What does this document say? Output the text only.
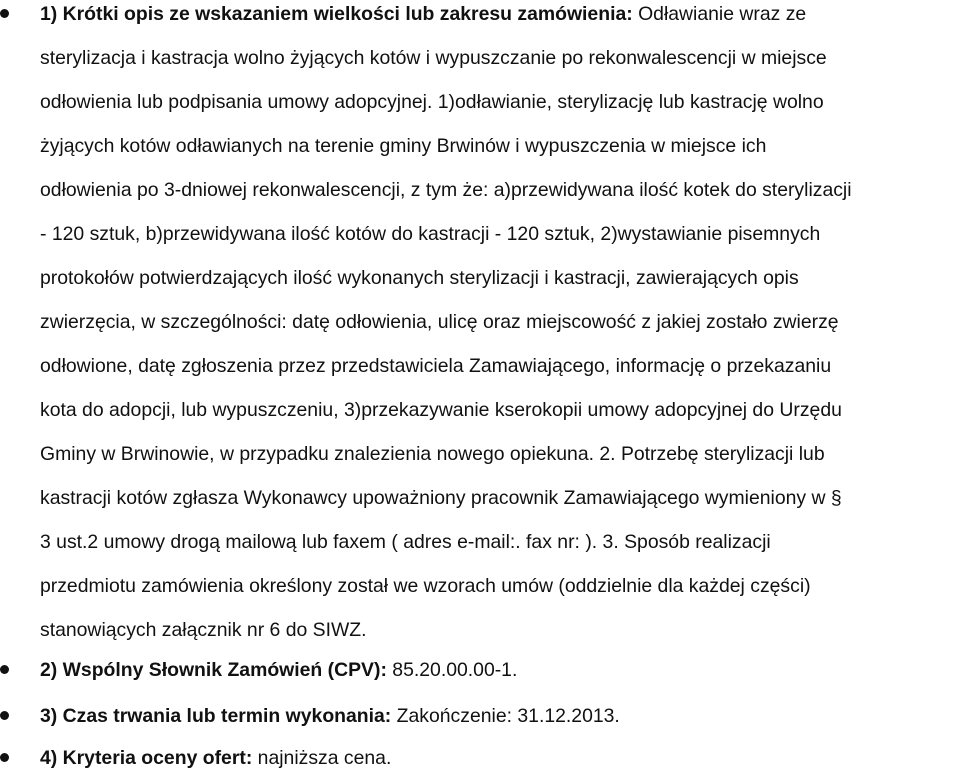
1) Krótki opis ze wskazaniem wielkości lub zakresu zamówienia: Odławianie wraz ze
sterylizacja i kastracja wolno żyjących kotów i wypuszczanie po rekonwalescencji w miejsce
odłowienia lub podpisania umowy adopcyjnej. 1)odławianie, sterylizację lub kastrację wolno
żyjących kotów odławianych na terenie gminy Brwinów i wypuszczenia w miejsce ich
odłowienia po 3-dniowej rekonwalescencji, z tym że: a)przewidywana ilość kotek do sterylizacji
- 120 sztuk, b)przewidywana ilość kotów do kastracji - 120 sztuk, 2)wystawianie pisemnych
protokołów potwierdzających ilość wykonanych sterylizacji i kastracji, zawierających opis
zwierzęcia, w szczególności: datę odłowienia, ulicę oraz miejscowość z jakiej zostało zwierzę
odłowione, datę zgłoszenia przez przedstawiciela Zamawiającego, informację o przekazaniu
kota do adopcji, lub wypuszczeniu, 3)przekazywanie kserokopii umowy adopcyjnej do Urzędu
Gminy w Brwinowie, w przypadku znalezienia nowego opiekuna. 2. Potrzebę sterylizacji lub
kastracji kotów zgłasza Wykonawcy upoważniony pracownik Zamawiającego wymieniony w §
3 ust.2 umowy drogą mailową lub faxem ( adres e-mail:. fax nr: ). 3. Sposób realizacji
przedmiotu zamówienia określony został we wzorach umów (oddzielnie dla każdej części)
stanowiących załącznik nr 6 do SIWZ.
2) Wspólny Słownik Zamówień (CPV): 85.20.00.00-1.
3) Czas trwania lub termin wykonania: Zakończenie: 31.12.2013.
4) Kryteria oceny ofert: najniższa cena.
